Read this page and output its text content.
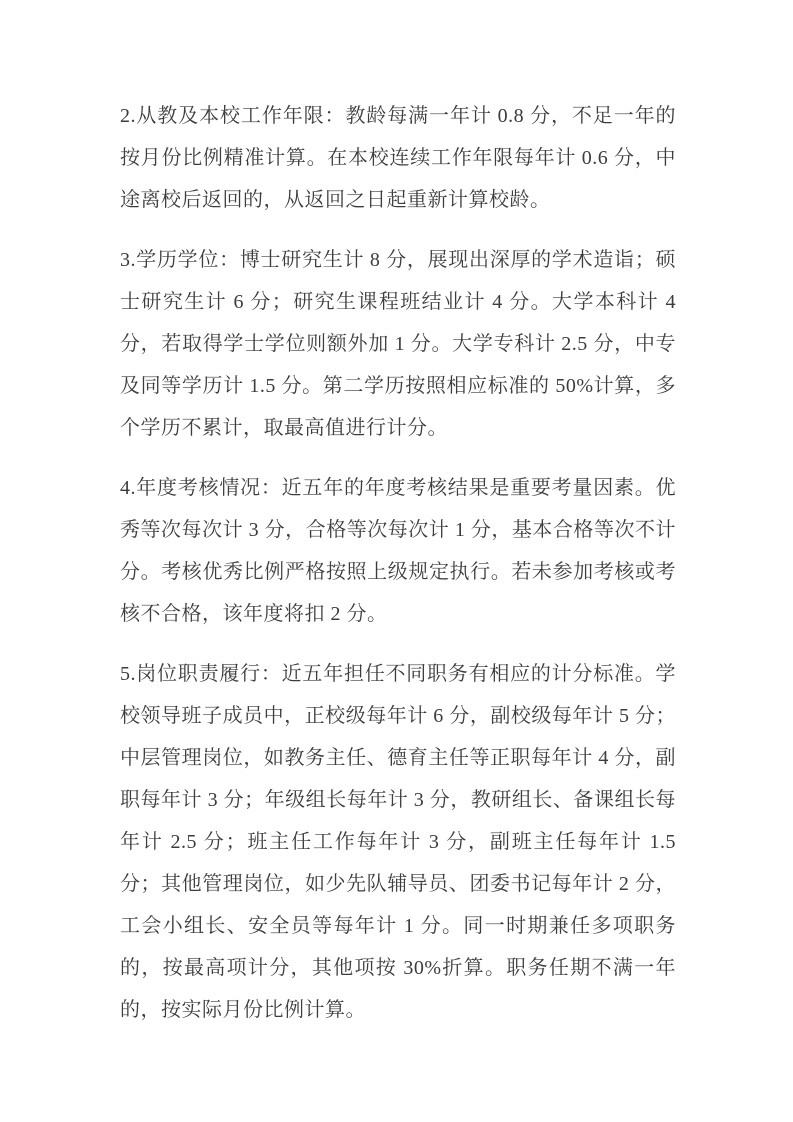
2.从教及本校工作年限：教龄每满一年计 0.8 分，不足一年的按月份比例精准计算。在本校连续工作年限每年计 0.6 分，中途离校后返回的，从返回之日起重新计算校龄。
3.学历学位：博士研究生计 8 分，展现出深厚的学术造诣；硕士研究生计 6 分；研究生课程班结业计 4 分。大学本科计 4 分，若取得学士学位则额外加 1 分。大学专科计 2.5 分，中专及同等学历计 1.5 分。第二学历按照相应标准的 50%计算，多个学历不累计，取最高值进行计分。
4.年度考核情况：近五年的年度考核结果是重要考量因素。优秀等次每次计 3 分，合格等次每次计 1 分，基本合格等次不计分。考核优秀比例严格按照上级规定执行。若未参加考核或考核不合格，该年度将扣 2 分。
5.岗位职责履行：近五年担任不同职务有相应的计分标准。学校领导班子成员中，正校级每年计 6 分，副校级每年计 5 分；中层管理岗位，如教务主任、德育主任等正职每年计 4 分，副职每年计 3 分；年级组长每年计 3 分，教研组长、备课组长每年计 2.5 分；班主任工作每年计 3 分，副班主任每年计 1.5 分；其他管理岗位，如少先队辅导员、团委书记每年计 2 分，工会小组长、安全员等每年计 1 分。同一时期兼任多项职务的，按最高项计分，其他项按 30%折算。职务任期不满一年的，按实际月份比例计算。
